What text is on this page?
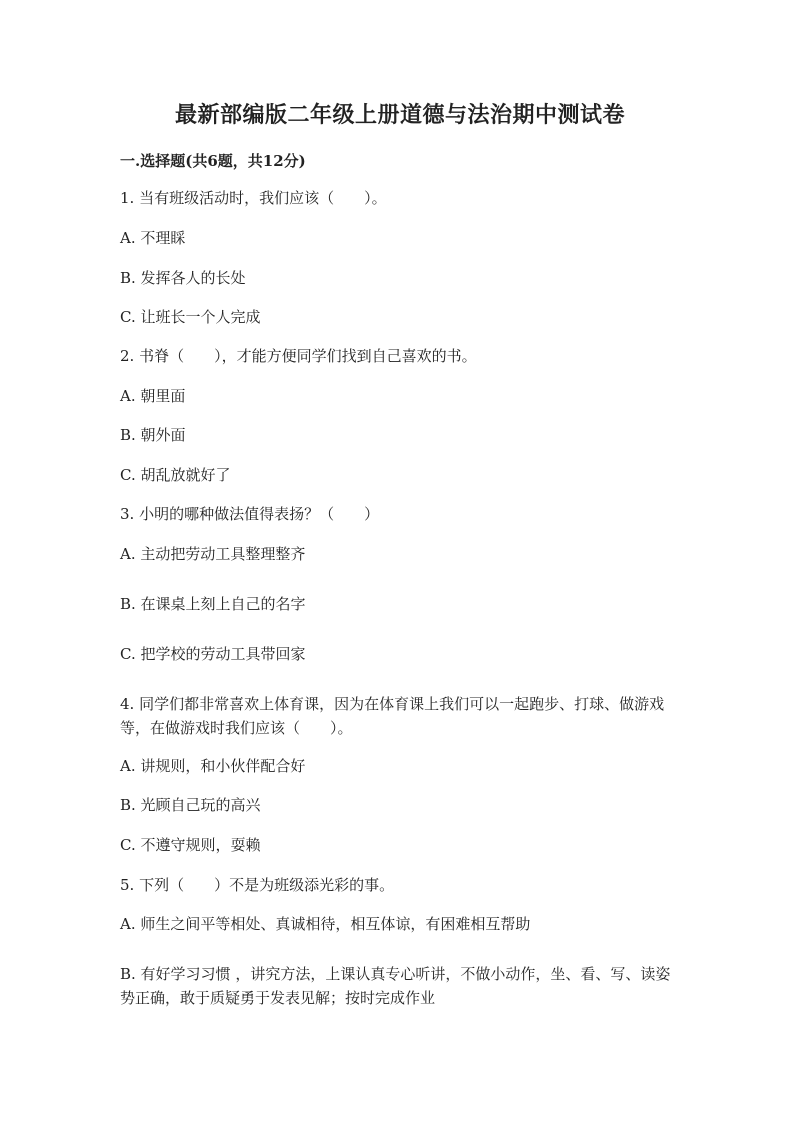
最新部编版二年级上册道德与法治期中测试卷
一.选择题(共6题，共12分)
1. 当有班级活动时，我们应该（　　）。
A. 不理睬
B. 发挥各人的长处
C. 让班长一个人完成
2. 书脊（　　），才能方便同学们找到自己喜欢的书。
A. 朝里面
B. 朝外面
C. 胡乱放就好了
3. 小明的哪种做法值得表扬？（　　）
A. 主动把劳动工具整理整齐
B. 在课桌上刻上自己的名字
C. 把学校的劳动工具带回家
4. 同学们都非常喜欢上体育课，因为在体育课上我们可以一起跑步、打球、做游戏等，在做游戏时我们应该（　　）。
A. 讲规则，和小伙伴配合好
B. 光顾自己玩的高兴
C. 不遵守规则，耍赖
5. 下列（　　）不是为班级添光彩的事。
A. 师生之间平等相处、真诚相待，相互体谅，有困难相互帮助
B. 有好学习习惯 ，讲究方法，上课认真专心听讲，不做小动作，坐、看、写、读姿势正确，敢于质疑勇于发表见解；按时完成作业
